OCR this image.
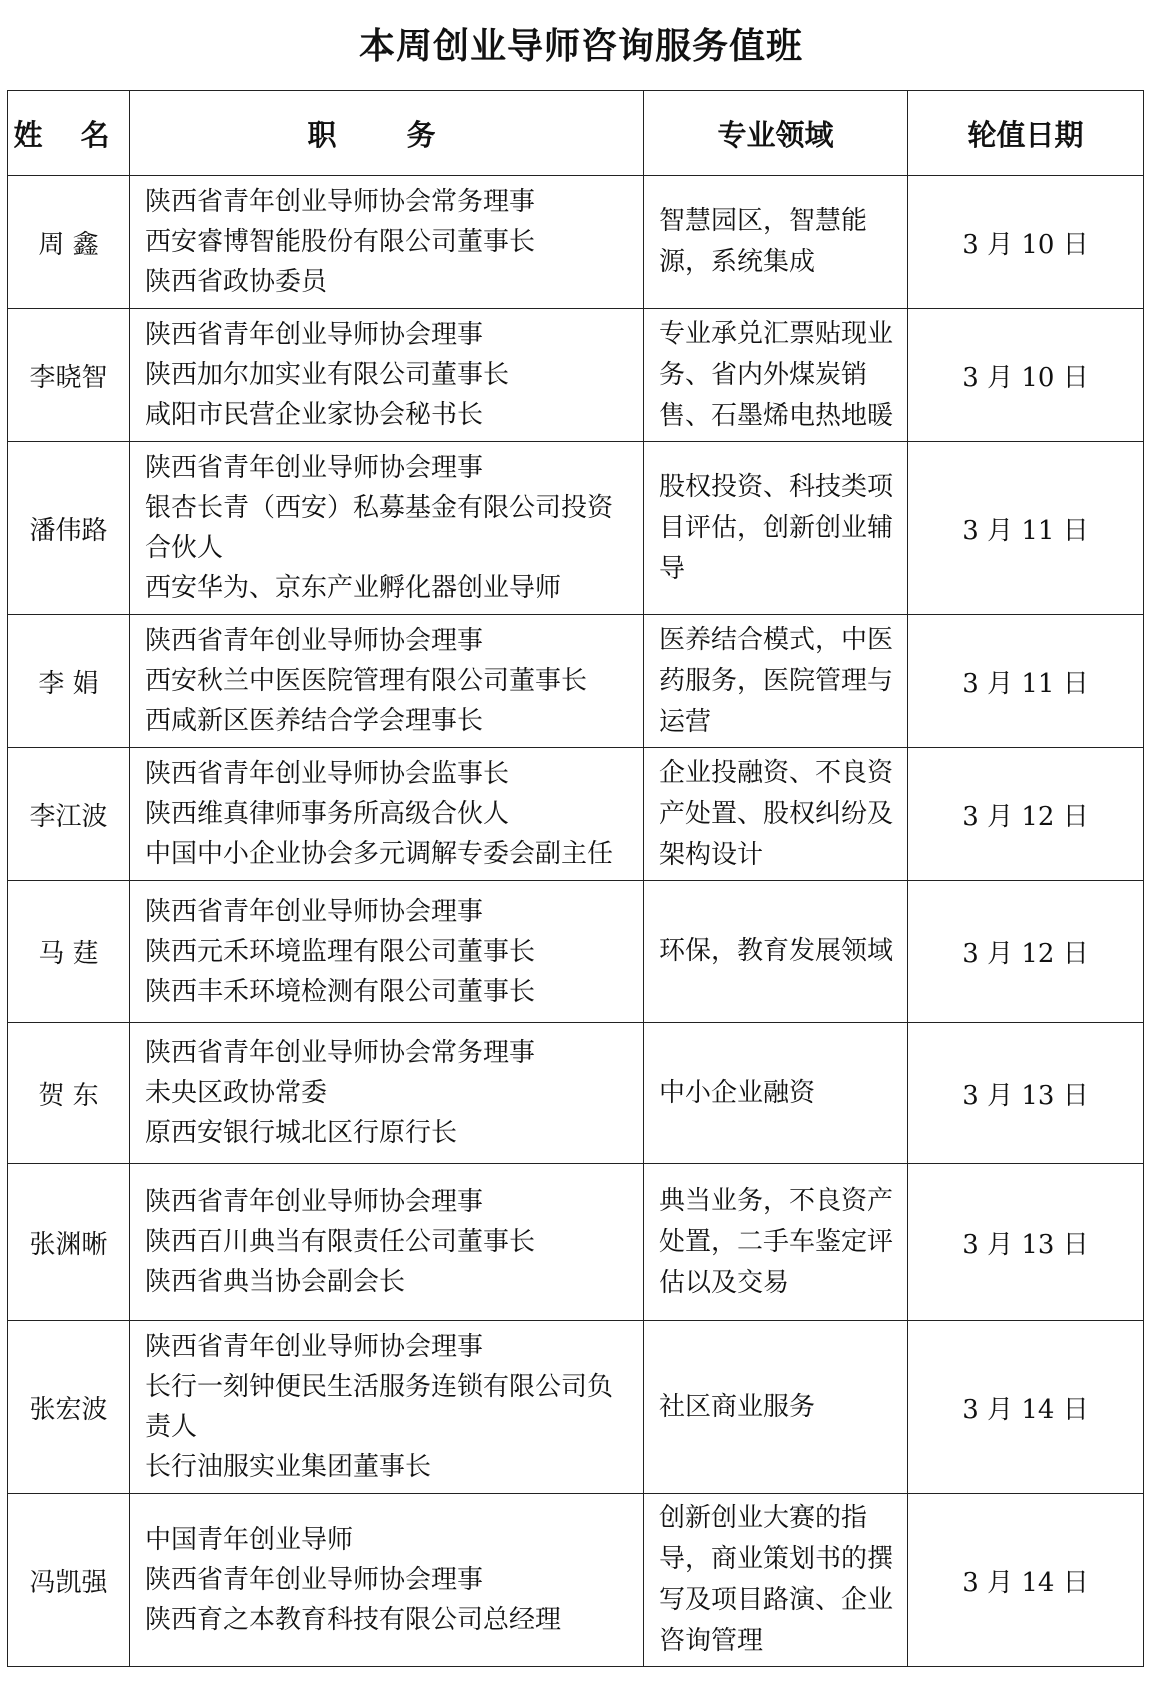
本周创业导师咨询服务值班
姓 名	职 务	专业领域	轮值日期
周 鑫	陕西省青年创业导师协会常务理事
西安睿博智能股份有限公司董事长
陕西省政协委员	智慧园区，智慧能源，系统集成	3 月 10 日
李晓智	陕西省青年创业导师协会理事
陕西加尔加实业有限公司董事长
咸阳市民营企业家协会秘书长	专业承兑汇票贴现业务、省内外煤炭销售、石墨烯电热地暖	3 月 10 日
潘伟路	陕西省青年创业导师协会理事
银杏长青（西安）私募基金有限公司投资合伙人
西安华为、京东产业孵化器创业导师	股权投资、科技类项目评估，创新创业辅导	3 月 11 日
李 娟	陕西省青年创业导师协会理事
西安秋兰中医医院管理有限公司董事长
西咸新区医养结合学会理事长	医养结合模式，中医药服务，医院管理与运营	3 月 11 日
李江波	陕西省青年创业导师协会监事长
陕西维真律师事务所高级合伙人
中国中小企业协会多元调解专委会副主任	企业投融资、不良资产处置、股权纠纷及架构设计	3 月 12 日
马 莛	陕西省青年创业导师协会理事
陕西元禾环境监理有限公司董事长
陕西丰禾环境检测有限公司董事长	环保，教育发展领域	3 月 12 日
贺 东	陕西省青年创业导师协会常务理事
未央区政协常委
原西安银行城北区行原行长	中小企业融资	3 月 13 日
张渊晰	陕西省青年创业导师协会理事
陕西百川典当有限责任公司董事长
陕西省典当协会副会长	典当业务，不良资产处置，二手车鉴定评估以及交易	3 月 13 日
张宏波	陕西省青年创业导师协会理事
长行一刻钟便民生活服务连锁有限公司负责人
长行油服实业集团董事长	社区商业服务	3 月 14 日
冯凯强	中国青年创业导师
陕西省青年创业导师协会理事
陕西育之本教育科技有限公司总经理	创新创业大赛的指导，商业策划书的撰写及项目路演、企业咨询管理	3 月 14 日
